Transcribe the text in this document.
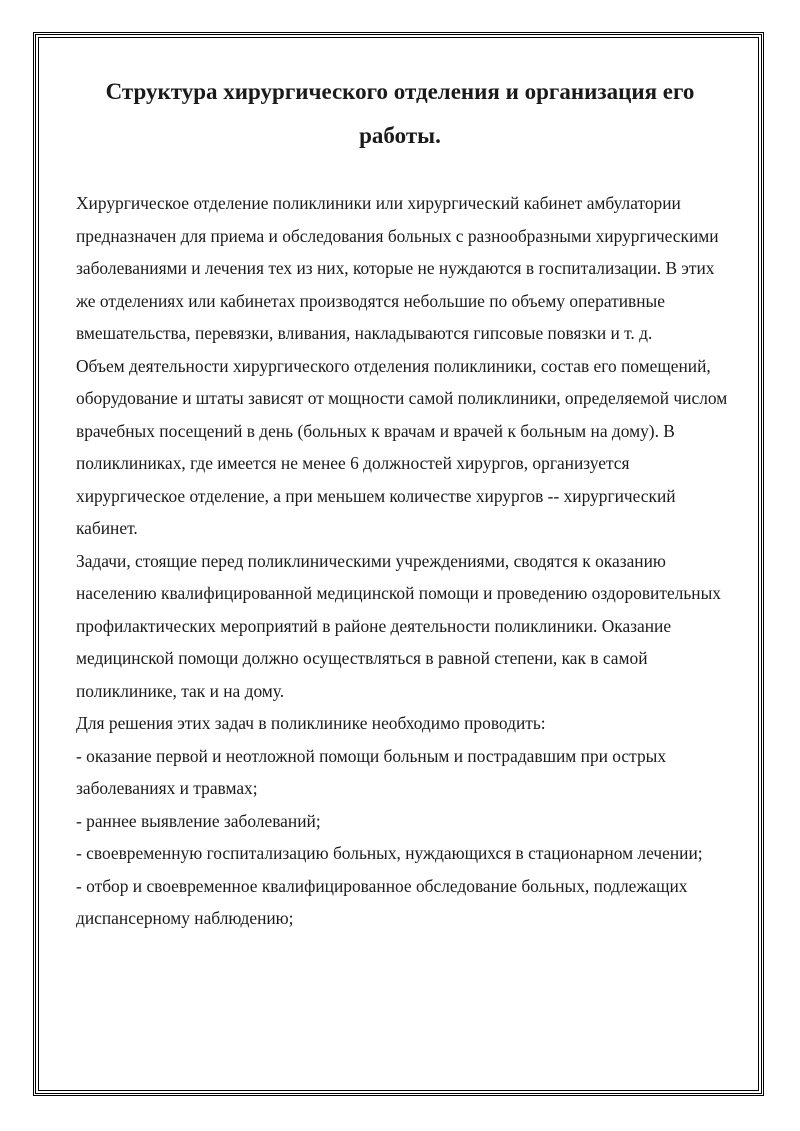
Структура хирургического отделения и организация его
работы.
Хирургическое отделение поликлиники или хирургический кабинет амбулатории предназначен для приема и обследования больных с разнообразными хирургическими заболеваниями и лечения тех из них, которые не нуждаются в госпитализации. В этих же отделениях или кабинетах производятся небольшие по объему оперативные вмешательства, перевязки, вливания, накладываются гипсовые повязки и т. д.
Объем деятельности хирургического отделения поликлиники, состав его помещений, оборудование и штаты зависят от мощности самой поликлиники, определяемой числом врачебных посещений в день (больных к врачам и врачей к больным на дому). В поликлиниках, где имеется не менее 6 должностей хирургов, организуется хирургическое отделение, а при меньшем количестве хирургов -- хирургический кабинет.
Задачи, стоящие перед поликлиническими учреждениями, сводятся к оказанию населению квалифицированной медицинской помощи и проведению оздоровительных профилактических мероприятий в районе деятельности поликлиники. Оказание медицинской помощи должно осуществляться в равной степени, как в самой поликлинике, так и на дому.
Для решения этих задач в поликлинике необходимо проводить:
- оказание первой и неотложной помощи больным и пострадавшим при острых заболеваниях и травмах;
- раннее выявление заболеваний;
- своевременную госпитализацию больных, нуждающихся в стационарном лечении;
- отбор и своевременное квалифицированное обследование больных, подлежащих диспансерному наблюдению;
